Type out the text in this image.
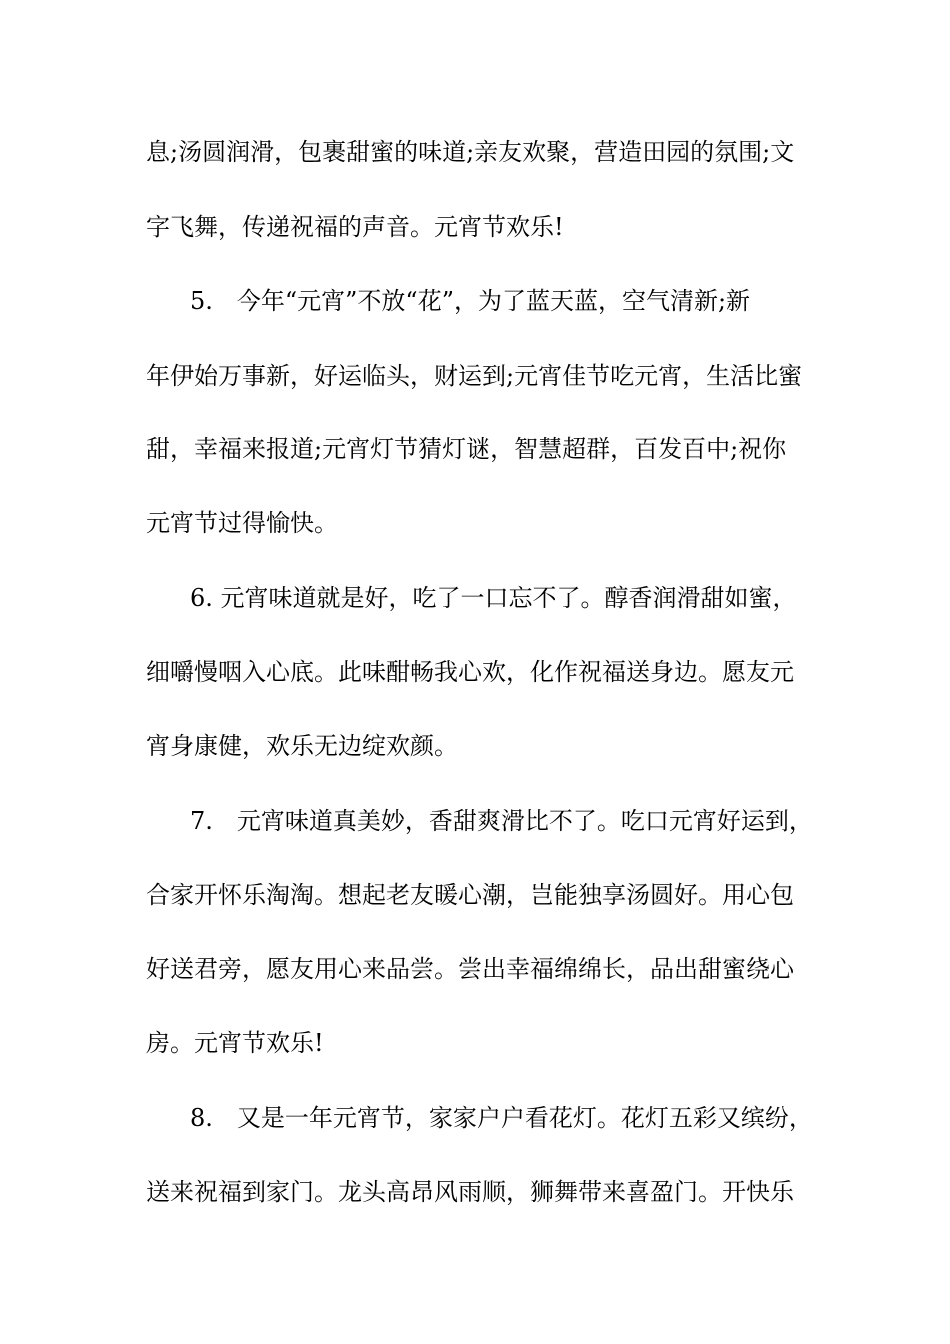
息;汤圆润滑，包裹甜蜜的味道;亲友欢聚，营造田园的氛围;文
字飞舞，传递祝福的声音。元宵节欢乐!
5.　今年“元宵”不放“花”，为了蓝天蓝，空气清新;新
年伊始万事新，好运临头，财运到;元宵佳节吃元宵，生活比蜜
甜，幸福来报道;元宵灯节猜灯谜，智慧超群，百发百中;祝你
元宵节过得愉快。
6. 元宵味道就是好，吃了一口忘不了。醇香润滑甜如蜜，
细嚼慢咽入心底。此味酣畅我心欢，化作祝福送身边。愿友元
宵身康健，欢乐无边绽欢颜。
7.　元宵味道真美妙，香甜爽滑比不了。吃口元宵好运到，
合家开怀乐淘淘。想起老友暖心潮，岂能独享汤圆好。用心包
好送君旁，愿友用心来品尝。尝出幸福绵绵长，品出甜蜜绕心
房。元宵节欢乐!
8.　又是一年元宵节，家家户户看花灯。花灯五彩又缤纷，
送来祝福到家门。龙头高昂风雨顺，狮舞带来喜盈门。开快乐
